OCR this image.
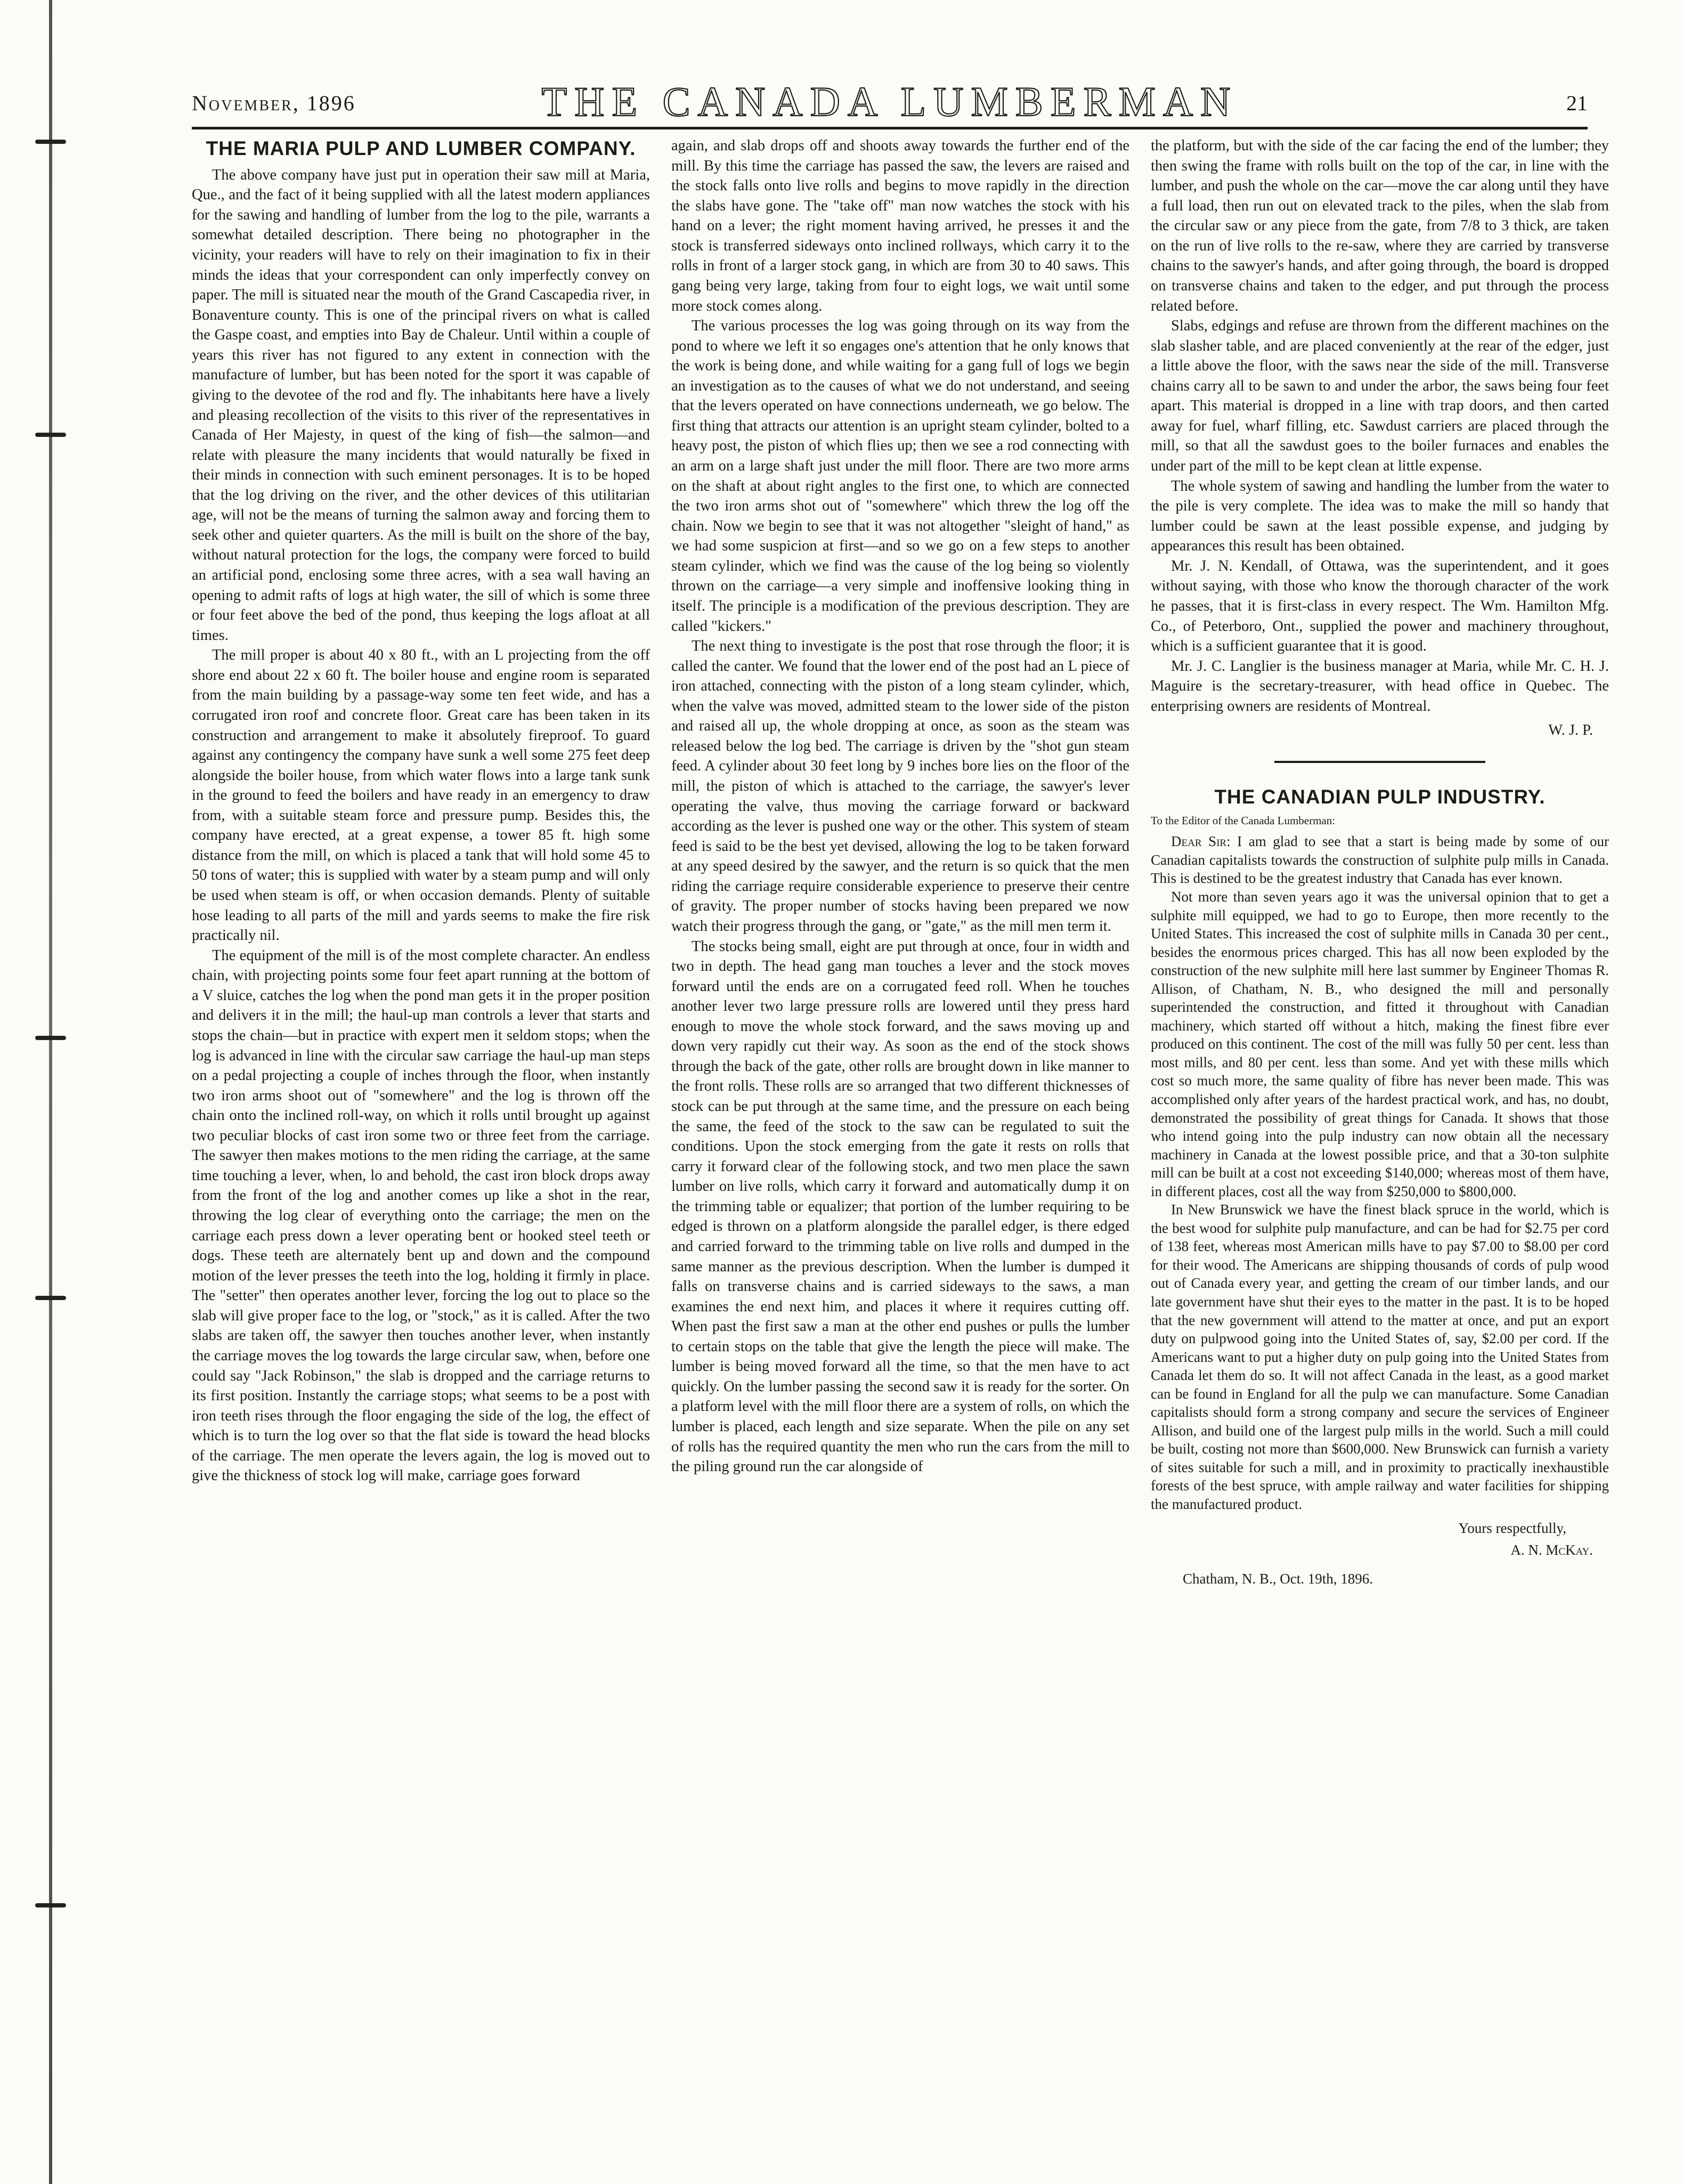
November, 1896	THE CANADA LUMBERMAN	21
THE MARIA PULP AND LUMBER COMPANY.

The above company have just put in operation their saw mill at Maria, Que., and the fact of it being supplied with all the latest modern appliances for the sawing and handling of lumber from the log to the pile, warrants a somewhat detailed description. There being no photographer in the vicinity, your readers will have to rely on their imagination to fix in their minds the ideas that your correspondent can only imperfectly convey on paper. The mill is situated near the mouth of the Grand Cascapedia river, in Bonaventure county. This is one of the principal rivers on what is called the Gaspe coast, and empties into Bay de Chaleur. Until within a couple of years this river has not figured to any extent in connection with the manufacture of lumber, but has been noted for the sport it was capable of giving to the devotee of the rod and fly. The inhabitants here have a lively and pleasing recollection of the visits to this river of the representatives in Canada of Her Majesty, in quest of the king of fish—the salmon—and relate with pleasure the many incidents that would naturally be fixed in their minds in connection with such eminent personages. It is to be hoped that the log driving on the river, and the other devices of this utilitarian age, will not be the means of turning the salmon away and forcing them to seek other and quieter quarters. As the mill is built on the shore of the bay, without natural protection for the logs, the company were forced to build an artificial pond, enclosing some three acres, with a sea wall having an opening to admit rafts of logs at high water, the sill of which is some three or four feet above the bed of the pond, thus keeping the logs afloat at all times.

The mill proper is about 40 x 80 ft., with an L projecting from the off shore end about 22 x 60 ft. The boiler house and engine room is separated from the main building by a passage-way some ten feet wide, and has a corrugated iron roof and concrete floor. Great care has been taken in its construction and arrangement to make it absolutely fireproof. To guard against any contingency the company have sunk a well some 275 feet deep alongside the boiler house, from which water flows into a large tank sunk in the ground to feed the boilers and have ready in an emergency to draw from, with a suitable steam force and pressure pump. Besides this, the company have erected, at a great expense, a tower 85 ft. high some distance from the mill, on which is placed a tank that will hold some 45 to 50 tons of water; this is supplied with water by a steam pump and will only be used when steam is off, or when occasion demands. Plenty of suitable hose leading to all parts of the mill and yards seems to make the fire risk practically nil.

The equipment of the mill is of the most complete character. An endless chain, with projecting points some four feet apart running at the bottom of a V sluice, catches the log when the pond man gets it in the proper position and delivers it in the mill; the haul-up man controls a lever that starts and stops the chain—but in practice with expert men it seldom stops; when the log is advanced in line with the circular saw carriage the haul-up man steps on a pedal projecting a couple of inches through the floor, when instantly two iron arms shoot out of "somewhere" and the log is thrown off the chain onto the inclined roll-way, on which it rolls until brought up against two peculiar blocks of cast iron some two or three feet from the carriage. The sawyer then makes motions to the men riding the carriage, at the same time touching a lever, when, lo and behold, the cast iron block drops away from the front of the log and another comes up like a shot in the rear, throwing the log clear of everything onto the carriage; the men on the carriage each press down a lever operating bent or hooked steel teeth or dogs. These teeth are alternately bent up and down and the compound motion of the lever presses the teeth into the log, holding it firmly in place. The "setter" then operates another lever, forcing the log out to place so the slab will give proper face to the log, or "stock," as it is called. After the two slabs are taken off, the sawyer then touches another lever, when instantly the carriage moves the log towards the large circular saw, when, before one could say "Jack Robinson," the slab is dropped and the carriage returns to its first position. Instantly the carriage stops; what seems to be a post with iron teeth rises through the floor engaging the side of the log, the effect of which is to turn the log over so that the flat side is toward the head blocks of the carriage. The men operate the levers again, the log is moved out to give the thickness of stock log will make, carriage goes forward

again, and slab drops off and shoots away towards the further end of the mill. By this time the carriage has passed the saw, the levers are raised and the stock falls onto live rolls and begins to move rapidly in the direction the slabs have gone. The "take off" man now watches the stock with his hand on a lever; the right moment having arrived, he presses it and the stock is transferred sideways onto inclined rollways, which carry it to the rolls in front of a larger stock gang, in which are from 30 to 40 saws. This gang being very large, taking from four to eight logs, we wait until some more stock comes along.

The various processes the log was going through on its way from the pond to where we left it so engages one's attention that he only knows that the work is being done, and while waiting for a gang full of logs we begin an investigation as to the causes of what we do not understand, and seeing that the levers operated on have connections underneath, we go below. The first thing that attracts our attention is an upright steam cylinder, bolted to a heavy post, the piston of which flies up; then we see a rod connecting with an arm on a large shaft just under the mill floor. There are two more arms on the shaft at about right angles to the first one, to which are connected the two iron arms shot out of "somewhere" which threw the log off the chain. Now we begin to see that it was not altogether "sleight of hand," as we had some suspicion at first—and so we go on a few steps to another steam cylinder, which we find was the cause of the log being so violently thrown on the carriage—a very simple and inoffensive looking thing in itself. The principle is a modification of the previous description. They are called "kickers."

The next thing to investigate is the post that rose through the floor; it is called the canter. We found that the lower end of the post had an L piece of iron attached, connecting with the piston of a long steam cylinder, which, when the valve was moved, admitted steam to the lower side of the piston and raised all up, the whole dropping at once, as soon as the steam was released below the log bed. The carriage is driven by the "shot gun steam feed. A cylinder about 30 feet long by 9 inches bore lies on the floor of the mill, the piston of which is attached to the carriage, the sawyer's lever operating the valve, thus moving the carriage forward or backward according as the lever is pushed one way or the other. This system of steam feed is said to be the best yet devised, allowing the log to be taken forward at any speed desired by the sawyer, and the return is so quick that the men riding the carriage require considerable experience to preserve their centre of gravity. The proper number of stocks having been prepared we now watch their progress through the gang, or "gate," as the mill men term it.

The stocks being small, eight are put through at once, four in width and two in depth. The head gang man touches a lever and the stock moves forward until the ends are on a corrugated feed roll. When he touches another lever two large pressure rolls are lowered until they press hard enough to move the whole stock forward, and the saws moving up and down very rapidly cut their way. As soon as the end of the stock shows through the back of the gate, other rolls are brought down in like manner to the front rolls. These rolls are so arranged that two different thicknesses of stock can be put through at the same time, and the pressure on each being the same, the feed of the stock to the saw can be regulated to suit the conditions. Upon the stock emerging from the gate it rests on rolls that carry it forward clear of the following stock, and two men place the sawn lumber on live rolls, which carry it forward and automatically dump it on the trimming table or equalizer; that portion of the lumber requiring to be edged is thrown on a platform alongside the parallel edger, is there edged and carried forward to the trimming table on live rolls and dumped in the same manner as the previous description. When the lumber is dumped it falls on transverse chains and is carried sideways to the saws, a man examines the end next him, and places it where it requires cutting off. When past the first saw a man at the other end pushes or pulls the lumber to certain stops on the table that give the length the piece will make. The lumber is being moved forward all the time, so that the men have to act quickly. On the lumber passing the second saw it is ready for the sorter. On a platform level with the mill floor there are a system of rolls, on which the lumber is placed, each length and size separate. When the pile on any set of rolls has the required quantity the men who run the cars from the mill to the piling ground run the car alongside of

the platform, but with the side of the car facing the end of the lumber; they then swing the frame with rolls built on the top of the car, in line with the lumber, and push the whole on the car—move the car along until they have a full load, then run out on elevated track to the piles, when the slab from the circular saw or any piece from the gate, from 7/8 to 3 thick, are taken on the run of live rolls to the re-saw, where they are carried by transverse chains to the sawyer's hands, and after going through, the board is dropped on transverse chains and taken to the edger, and put through the process related before.

Slabs, edgings and refuse are thrown from the different machines on the slab slasher table, and are placed conveniently at the rear of the edger, just a little above the floor, with the saws near the side of the mill. Transverse chains carry all to be sawn to and under the arbor, the saws being four feet apart. This material is dropped in a line with trap doors, and then carted away for fuel, wharf filling, etc. Sawdust carriers are placed through the mill, so that all the sawdust goes to the boiler furnaces and enables the under part of the mill to be kept clean at little expense.

The whole system of sawing and handling the lumber from the water to the pile is very complete. The idea was to make the mill so handy that lumber could be sawn at the least possible expense, and judging by appearances this result has been obtained.

Mr. J. N. Kendall, of Ottawa, was the superintendent, and it goes without saying, with those who know the thorough character of the work he passes, that it is first-class in every respect. The Wm. Hamilton Mfg. Co., of Peterboro, Ont., supplied the power and machinery throughout, which is a sufficient guarantee that it is good.

Mr. J. C. Langlier is the business manager at Maria, while Mr. C. H. J. Maguire is the secretary-treasurer, with head office in Quebec. The enterprising owners are residents of Montreal.

W. J. P.
THE CANADIAN PULP INDUSTRY.
To the Editor of the Canada Lumberman:

Dear Sir: I am glad to see that a start is being made by some of our Canadian capitalists towards the construction of sulphite pulp mills in Canada. This is destined to be the greatest industry that Canada has ever known.

Not more than seven years ago it was the universal opinion that to get a sulphite mill equipped, we had to go to Europe, then more recently to the United States. This increased the cost of sulphite mills in Canada 30 per cent., besides the enormous prices charged. This has all now been exploded by the construction of the new sulphite mill here last summer by Engineer Thomas R. Allison, of Chatham, N. B., who designed the mill and personally superintended the construction, and fitted it throughout with Canadian machinery, which started off without a hitch, making the finest fibre ever produced on this continent. The cost of the mill was fully 50 per cent. less than most mills, and 80 per cent. less than some. And yet with these mills which cost so much more, the same quality of fibre has never been made. This was accomplished only after years of the hardest practical work, and has, no doubt, demonstrated the possibility of great things for Canada. It shows that those who intend going into the pulp industry can now obtain all the necessary machinery in Canada at the lowest possible price, and that a 30-ton sulphite mill can be built at a cost not exceeding $140,000; whereas most of them have, in different places, cost all the way from $250,000 to $800,000.

In New Brunswick we have the finest black spruce in the world, which is the best wood for sulphite pulp manufacture, and can be had for $2.75 per cord of 138 feet, whereas most American mills have to pay $7.00 to $8.00 per cord for their wood. The Americans are shipping thousands of cords of pulp wood out of Canada every year, and getting the cream of our timber lands, and our late government have shut their eyes to the matter in the past. It is to be hoped that the new government will attend to the matter at once, and put an export duty on pulpwood going into the United States of, say, $2.00 per cord. If the Americans want to put a higher duty on pulp going into the United States from Canada let them do so. It will not affect Canada in the least, as a good market can be found in England for all the pulp we can manufacture. Some Canadian capitalists should form a strong company and secure the services of Engineer Allison, and build one of the largest pulp mills in the world. Such a mill could be built, costing not more than $600,000. New Brunswick can furnish a variety of sites suitable for such a mill, and in proximity to practically inexhaustible forests of the best spruce, with ample railway and water facilities for shipping the manufactured product.

Yours respectfully,
A. N. McKay.
Chatham, N. B., Oct. 19th, 1896.
